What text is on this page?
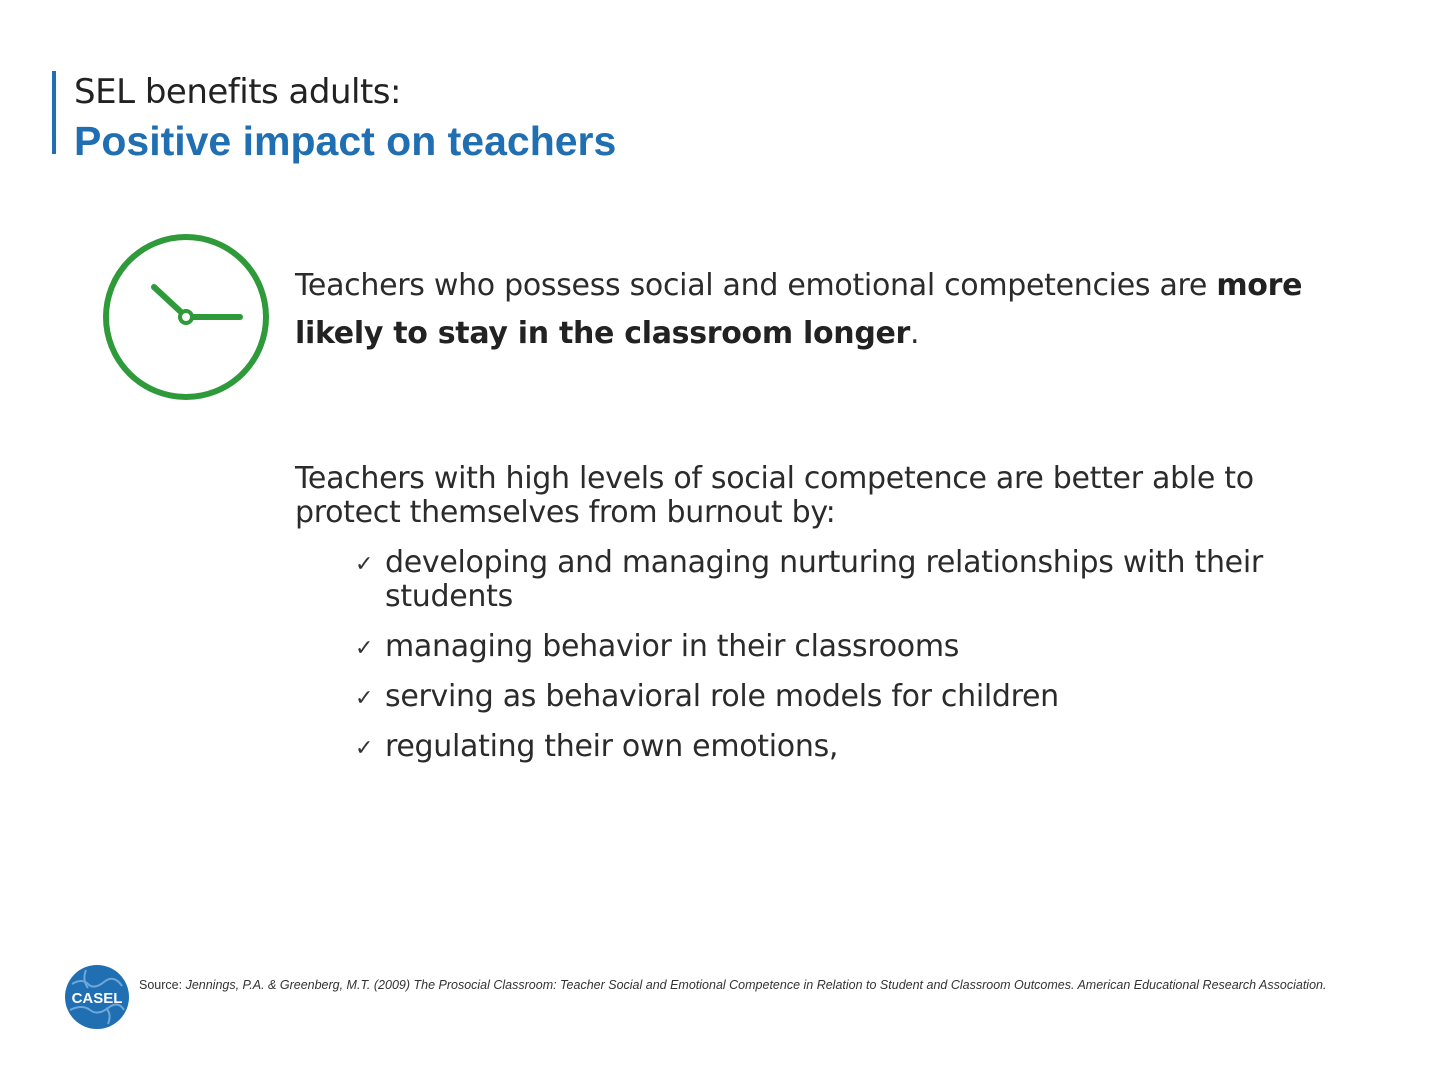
SEL benefits adults:
Positive impact on teachers
Teachers who possess social and emotional competencies are more likely to stay in the classroom longer.
Teachers with high levels of social competence are better able to protect themselves from burnout by:
✓ developing and managing nurturing relationships with their students
✓ managing behavior in their classrooms
✓ serving as behavioral role models for children
✓ regulating their own emotions,
CASEL
Source: Jennings, P.A. & Greenberg, M.T. (2009) The Prosocial Classroom: Teacher Social and Emotional Competence in Relation to Student and Classroom Outcomes. American Educational Research Association.
